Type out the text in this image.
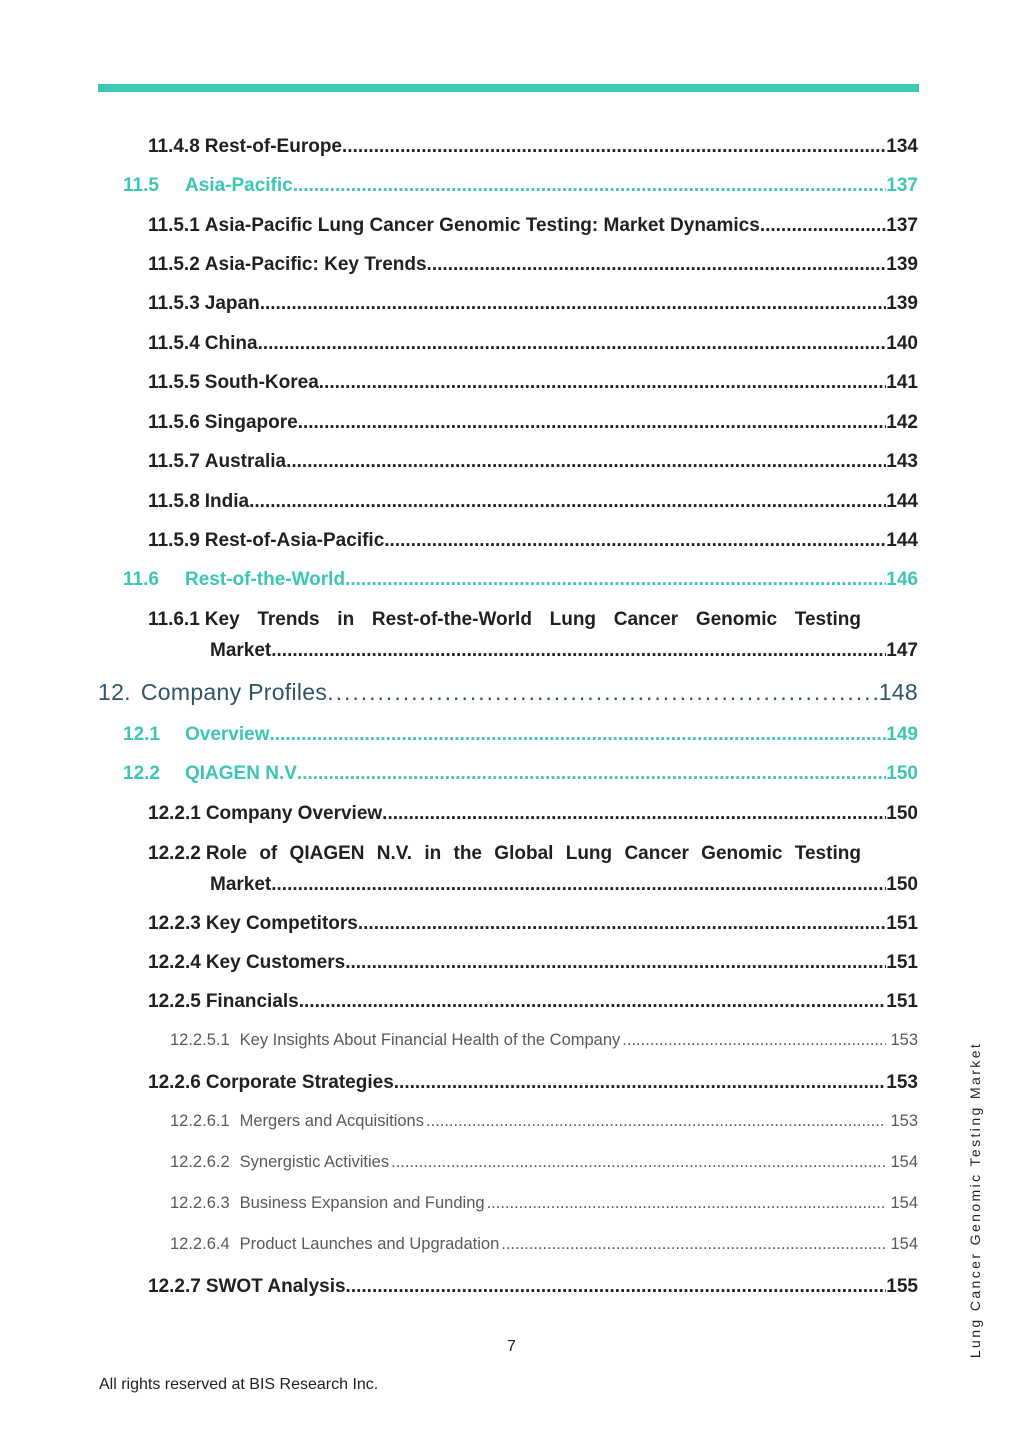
11.4.8 Rest-of-Europe .....	134
11.5	Asia-Pacific .....	137
11.5.1 Asia-Pacific Lung Cancer Genomic Testing: Market Dynamics .....	137
11.5.2 Asia-Pacific: Key Trends .....	139
11.5.3 Japan .....	139
11.5.4 China .....	140
11.5.5 South-Korea .....	141
11.5.6 Singapore .....	142
11.5.7 Australia .....	143
11.5.8 India .....	144
11.5.9 Rest-of-Asia-Pacific .....	144
11.6	Rest-of-the-World .....	146
11.6.1 Key Trends in Rest-of-the-World Lung Cancer Genomic Testing
Market .....	147
12. Company Profiles .....	148
12.1	Overview .....	149
12.2	QIAGEN N.V .....	150
12.2.1 Company Overview .....	150
12.2.2 Role of QIAGEN N.V. in the Global Lung Cancer Genomic Testing
Market .....	150
12.2.3 Key Competitors .....	151
12.2.4 Key Customers .....	151
12.2.5 Financials .....	151
12.2.5.1 Key Insights About Financial Health of the Company .....	153
12.2.6 Corporate Strategies .....	153
12.2.6.1 Mergers and Acquisitions .....	153
12.2.6.2 Synergistic Activities .....	154
12.2.6.3 Business Expansion and Funding .....	154
12.2.6.4 Product Launches and Upgradation .....	154
12.2.7 SWOT Analysis .....	155
7
All rights reserved at BIS Research Inc.
Lung Cancer Genomic Testing Market
